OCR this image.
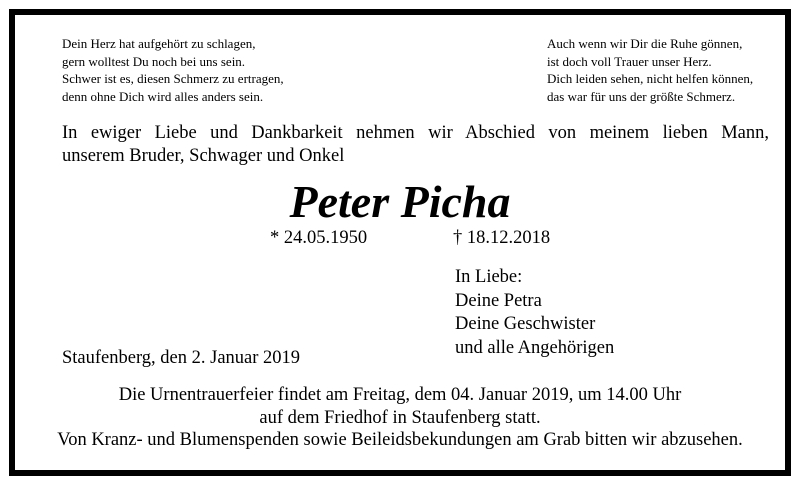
Dein Herz hat aufgehört zu schlagen,
gern wolltest Du noch bei uns sein.
Schwer ist es, diesen Schmerz zu ertragen,
denn ohne Dich wird alles anders sein.
Auch wenn wir Dir die Ruhe gönnen,
ist doch voll Trauer unser Herz.
Dich leiden sehen, nicht helfen können,
das war für uns der größte Schmerz.
In ewiger Liebe und Dankbarkeit nehmen wir Abschied von meinem lieben Mann,
unserem Bruder, Schwager und Onkel
Peter Picha
* 24.05.1950	† 18.12.2018
In Liebe:
Deine Petra
Deine Geschwister
und alle Angehörigen
Staufenberg, den 2. Januar 2019
Die Urnentrauerfeier findet am Freitag, dem 04. Januar 2019, um 14.00 Uhr
auf dem Friedhof in Staufenberg statt.
Von Kranz- und Blumenspenden sowie Beileidsbekundungen am Grab bitten wir abzusehen.
